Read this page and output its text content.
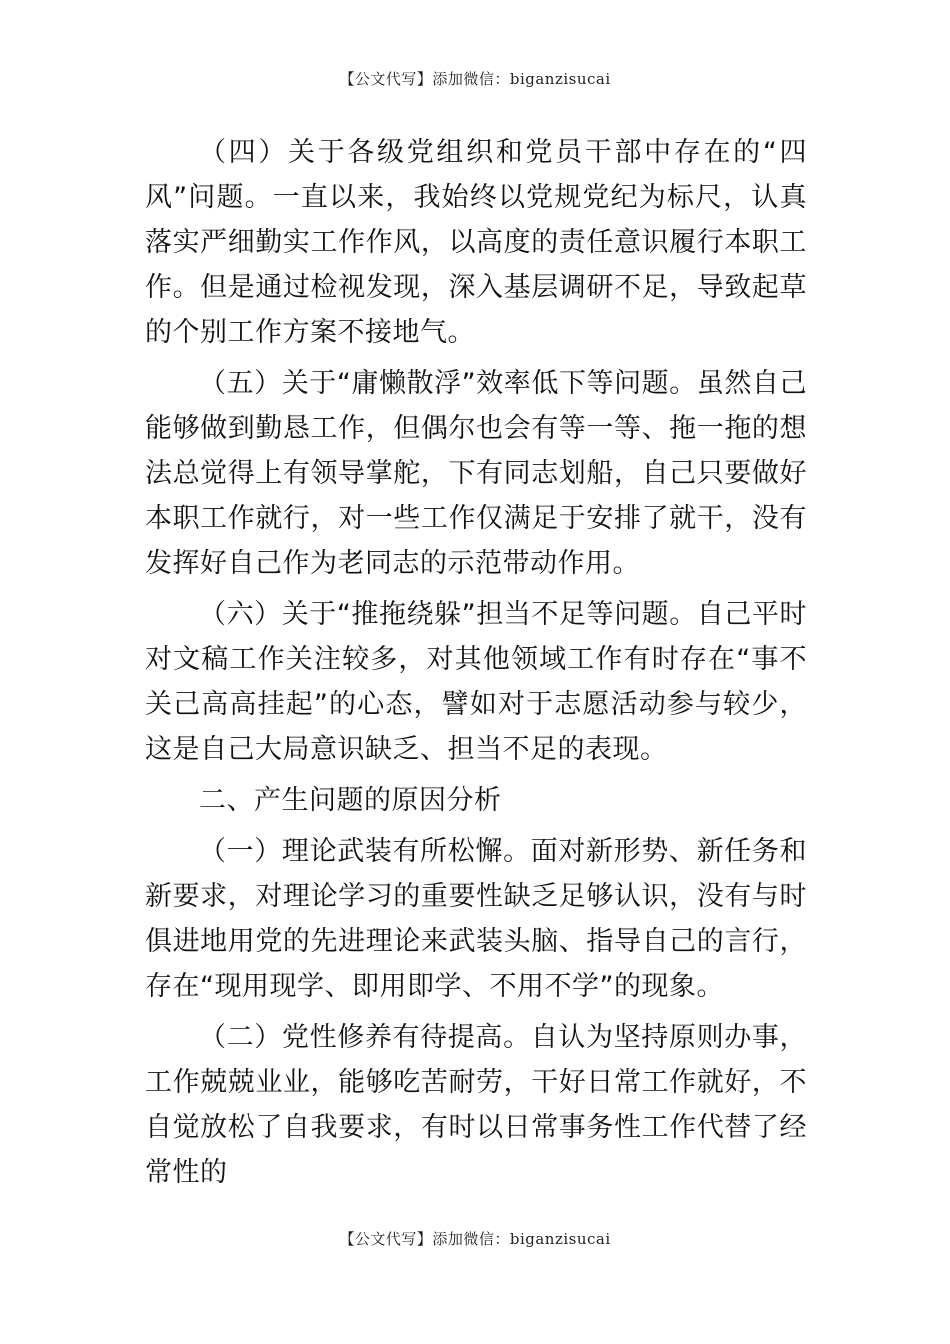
【公文代写】添加微信：biganzisucai

（四）关于各级党组织和党员干部中存在的“四风”问题。一直以来，我始终以党规党纪为标尺，认真落实严细勤实工作作风，以高度的责任意识履行本职工作。但是通过检视发现，深入基层调研不足，导致起草的个别工作方案不接地气。

（五）关于“庸懒散浮”效率低下等问题。虽然自己能够做到勤恳工作，但偶尔也会有等一等、拖一拖的想法总觉得上有领导掌舵，下有同志划船，自己只要做好本职工作就行，对一些工作仅满足于安排了就干，没有发挥好自己作为老同志的示范带动作用。

（六）关于“推拖绕躲”担当不足等问题。自己平时对文稿工作关注较多，对其他领域工作有时存在“事不关己高高挂起”的心态，譬如对于志愿活动参与较少，这是自己大局意识缺乏、担当不足的表现。

二、产生问题的原因分析

（一）理论武装有所松懈。面对新形势、新任务和新要求，对理论学习的重要性缺乏足够认识，没有与时俱进地用党的先进理论来武装头脑、指导自己的言行，存在“现用现学、即用即学、不用不学”的现象。

（二）党性修养有待提高。自认为坚持原则办事，工作兢兢业业，能够吃苦耐劳，干好日常工作就好，不自觉放松了自我要求，有时以日常事务性工作代替了经常性的

【公文代写】添加微信：biganzisucai
